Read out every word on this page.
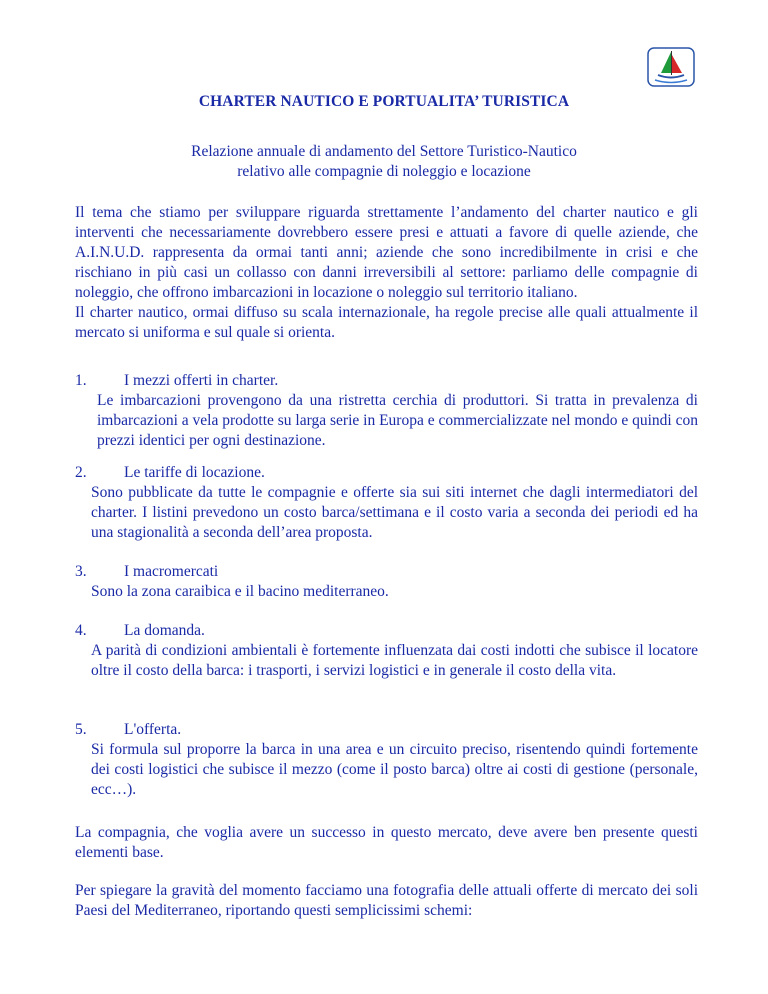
CHARTER NAUTICO E PORTUALITA’ TURISTICA
Relazione annuale di andamento del Settore Turistico-Nautico
relativo alle compagnie di noleggio e locazione

Il tema che stiamo per sviluppare riguarda strettamente l’andamento del charter nautico e gli interventi che necessariamente dovrebbero essere presi e attuati a favore di quelle aziende, che A.I.N.U.D. rappresenta da ormai tanti anni; aziende che sono incredibilmente in crisi e che rischiano in più casi un collasso con danni irreversibili al settore: parliamo delle compagnie di noleggio, che offrono imbarcazioni in locazione o noleggio sul territorio italiano.

Il charter nautico, ormai diffuso su scala internazionale, ha regole precise alle quali attualmente il mercato si uniforma e sul quale si orienta.

1.	I mezzi offerti in charter.

Le imbarcazioni provengono da una ristretta cerchia di produttori. Si tratta in prevalenza di imbarcazioni a vela prodotte su larga serie in Europa e commercializzate nel mondo e quindi con prezzi identici per ogni destinazione.

2.	Le tariffe di locazione.

Sono pubblicate da tutte le compagnie e offerte sia sui siti internet che dagli intermediatori del charter. I listini prevedono un costo barca/settimana e il costo varia a seconda dei periodi ed ha una stagionalità a seconda dell’area proposta.

3.	I macromercati

Sono la zona caraibica e il bacino mediterraneo.

4.	La domanda.

A parità di condizioni ambientali è fortemente influenzata dai costi indotti che subisce il locatore oltre il costo della barca: i trasporti, i servizi logistici e in generale il costo della vita.

5.	L'offerta.

Si formula sul proporre la barca in una area e un circuito preciso, risentendo quindi fortemente dei costi logistici che subisce il mezzo (come il posto barca) oltre ai costi di gestione (personale, ecc…).

La compagnia, che voglia avere un successo in questo mercato, deve avere ben presente questi elementi base.

Per spiegare la gravità del momento facciamo una fotografia delle attuali offerte di mercato dei soli Paesi del Mediterraneo, riportando questi semplicissimi schemi:
